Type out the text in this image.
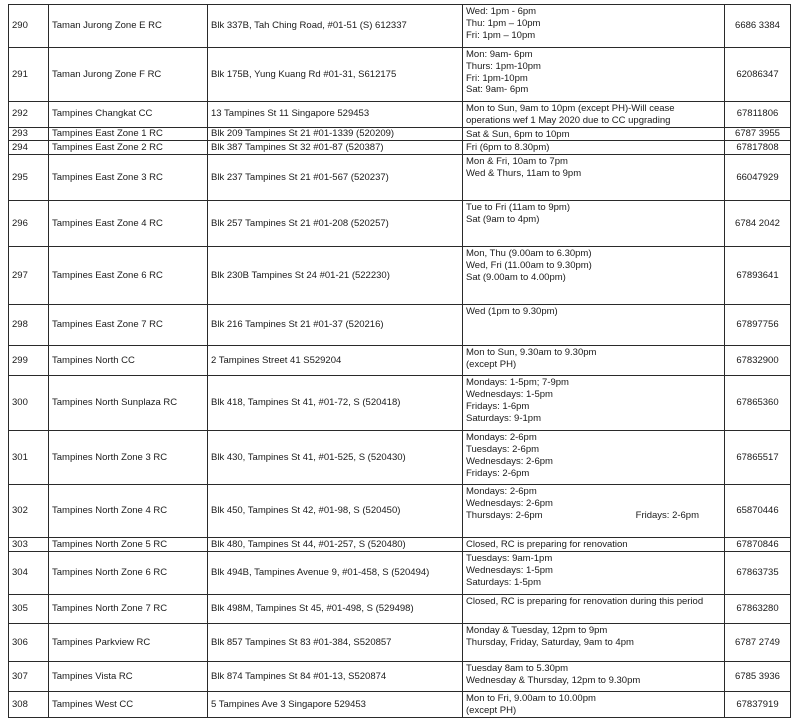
290	Taman Jurong Zone E RC	Blk 337B, Tah Ching Road, #01-51 (S) 612337	Wed: 1pm - 6pm
Thu: 1pm – 10pm
Fri: 1pm – 10pm	6686 3384
291	Taman Jurong Zone F RC	Blk 175B, Yung Kuang Rd #01-31, S612175	Mon: 9am- 6pm
Thurs: 1pm-10pm
Fri: 1pm-10pm
Sat: 9am- 6pm	62086347
292	Tampines Changkat CC	13 Tampines St 11 Singapore 529453	Mon to Sun, 9am to 10pm (except PH)-Will cease operations wef 1 May 2020 due to CC upgrading	67811806
293	Tampines East Zone 1 RC	Blk 209 Tampines St 21 #01-1339 (520209)	Sat & Sun, 6pm to 10pm	6787 3955
294	Tampines East Zone 2 RC	Blk 387 Tampines St 32 #01-87 (520387)	Fri (6pm to 8.30pm)	67817808
295	Tampines East Zone 3 RC	Blk 237 Tampines St 21 #01-567 (520237)	Mon & Fri, 10am to 7pm
Wed & Thurs, 11am to 9pm	66047929
296	Tampines East Zone 4 RC	Blk 257 Tampines St 21 #01-208 (520257)	Tue to Fri (11am to 9pm)
Sat (9am to 4pm)	6784 2042
297	Tampines East Zone 6 RC	Blk 230B Tampines St 24 #01-21 (522230)	Mon, Thu (9.00am to 6.30pm)
Wed, Fri (11.00am to 9.30pm)
Sat (9.00am to 4.00pm)	67893641
298	Tampines East Zone 7 RC	Blk 216 Tampines St 21 #01-37 (520216)	Wed (1pm to 9.30pm)	67897756
299	Tampines North CC	2 Tampines Street 41 S529204	Mon to Sun, 9.30am to 9.30pm
(except PH)	67832900
300	Tampines North Sunplaza RC	Blk 418, Tampines St 41, #01-72, S (520418)	Mondays: 1-5pm; 7-9pm
Wednesdays: 1-5pm
Fridays: 1-6pm
Saturdays: 9-1pm	67865360
301	Tampines North Zone 3 RC	Blk 430, Tampines St 41, #01-525, S (520430)	Mondays: 2-6pm
Tuesdays: 2-6pm
Wednesdays: 2-6pm
Fridays: 2-6pm	67865517
302	Tampines North Zone 4 RC	Blk 450, Tampines St 42, #01-98, S (520450)	Mondays: 2-6pm
Wednesdays: 2-6pm
Thursdays: 2-6pm Fridays: 2-6pm	65870446
303	Tampines North Zone 5 RC	Blk 480, Tampines St 44, #01-257, S (520480)	Closed, RC is preparing for renovation	67870846
304	Tampines North Zone 6 RC	Blk 494B, Tampines Avenue 9, #01-458, S (520494)	Tuesdays: 9am-1pm
Wednesdays: 1-5pm
Saturdays: 1-5pm	67863735
305	Tampines North Zone 7 RC	Blk 498M, Tampines St 45, #01-498, S (529498)	Closed, RC is preparing for renovation during this period	67863280
306	Tampines Parkview RC	Blk 857 Tampines St 83 #01-384, S520857	Monday & Tuesday, 12pm to 9pm
Thursday, Friday, Saturday, 9am to 4pm	6787 2749
307	Tampines Vista RC	Blk 874 Tampines St 84 #01-13, S520874	Tuesday 8am to 5.30pm
Wednesday & Thursday, 12pm to 9.30pm	6785 3936
308	Tampines West CC	5 Tampines Ave 3 Singapore 529453	Mon to Fri, 9.00am to 10.00pm
(except PH)	67837919
